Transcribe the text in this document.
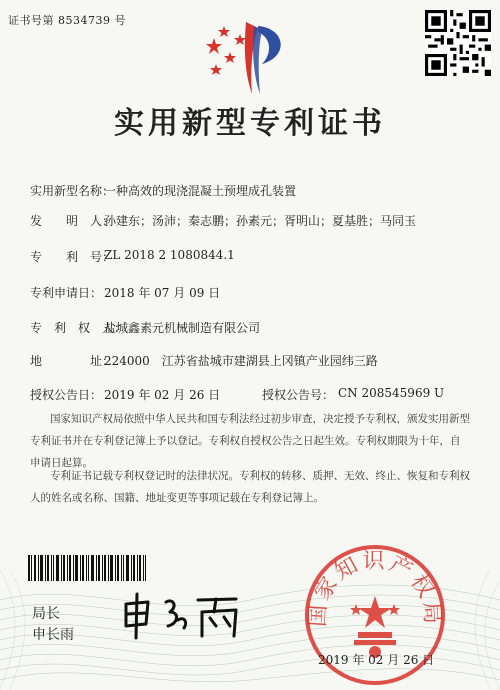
证书号第 8534739 号
实用新型专利证书
实用新型名称：
一种高效的现浇混凝土预埋成孔装置
发　　明　人：
孙建东；汤沛；秦志鹏；孙素元；胥明山；夏基胜；马同玉
专　　利　号：
ZL 2018 2 1080844.1
专利申请日： 2018 年 07 月 09 日
专　利　权　人：
盐城鑫素元机械制造有限公司
地　　　　址：
224000　江苏省盐城市建湖县上冈镇产业园纬三路
授权公告日： 2019 年 02 月 26 日	授权公告号： CN 208545969 U
国家知识产权局依照中华人民共和国专利法经过初步审查，决定授予专利权，颁发实用新型专利证书并在专利登记簿上予以登记。专利权自授权公告之日起生效。专利权期限为十年，自申请日起算。
专利证书记载专利权登记时的法律状况。专利权的转移、质押、无效、终止、恢复和专利权人的姓名或名称、国籍、地址变更等事项记载在专利登记簿上。
局长
申长雨
国家知识产权局
2019 年 02 月 26 日
